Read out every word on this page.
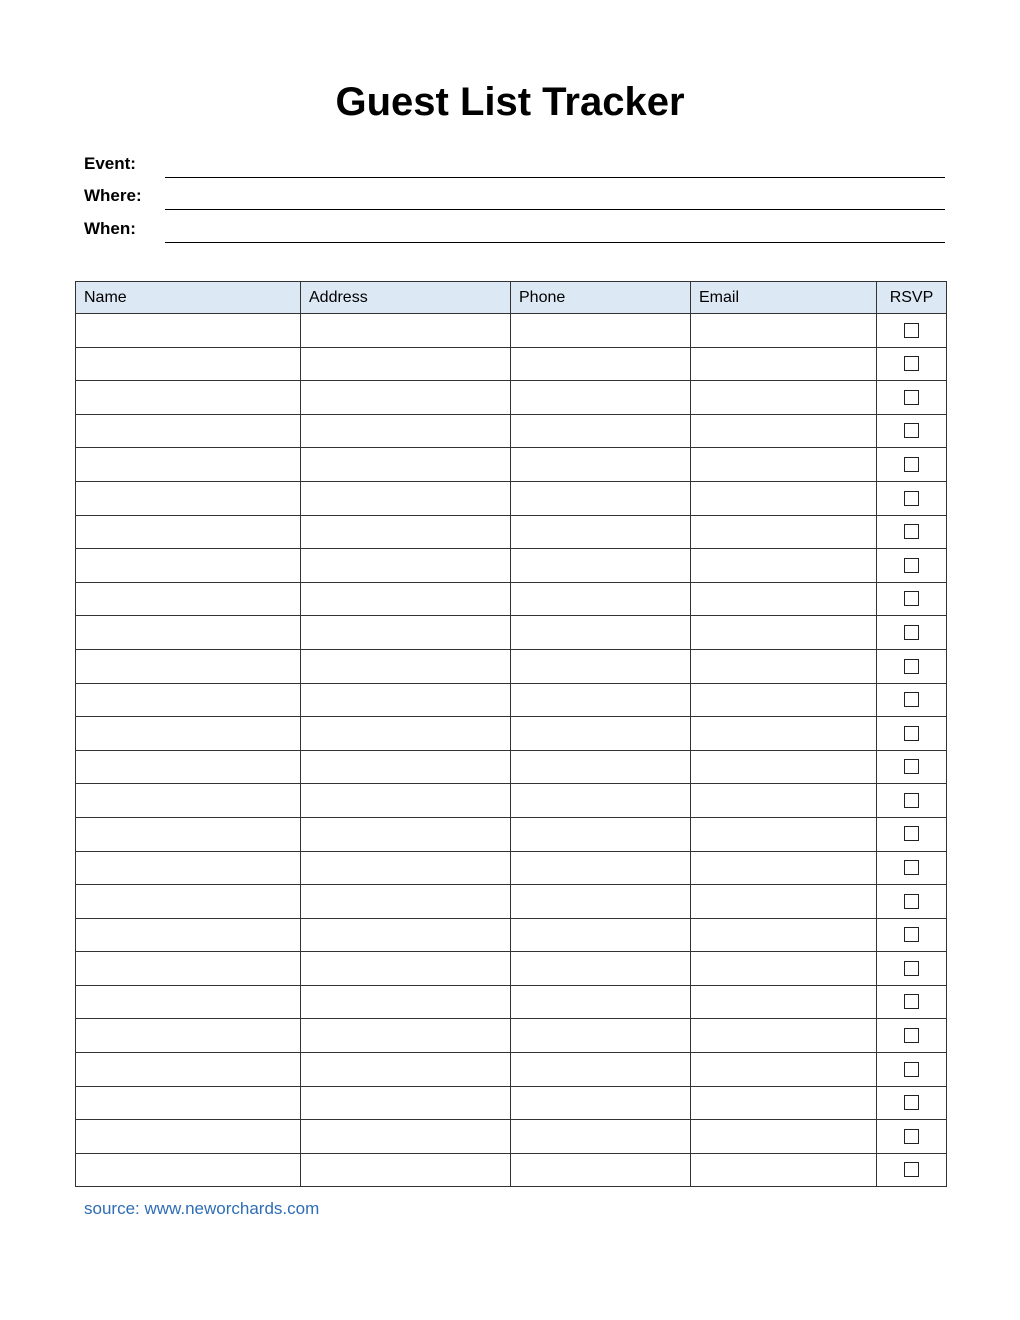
Guest List Tracker
Event:
Where:
When:
Name	Address	Phone	Email	RSVP

source: www.neworchards.com
